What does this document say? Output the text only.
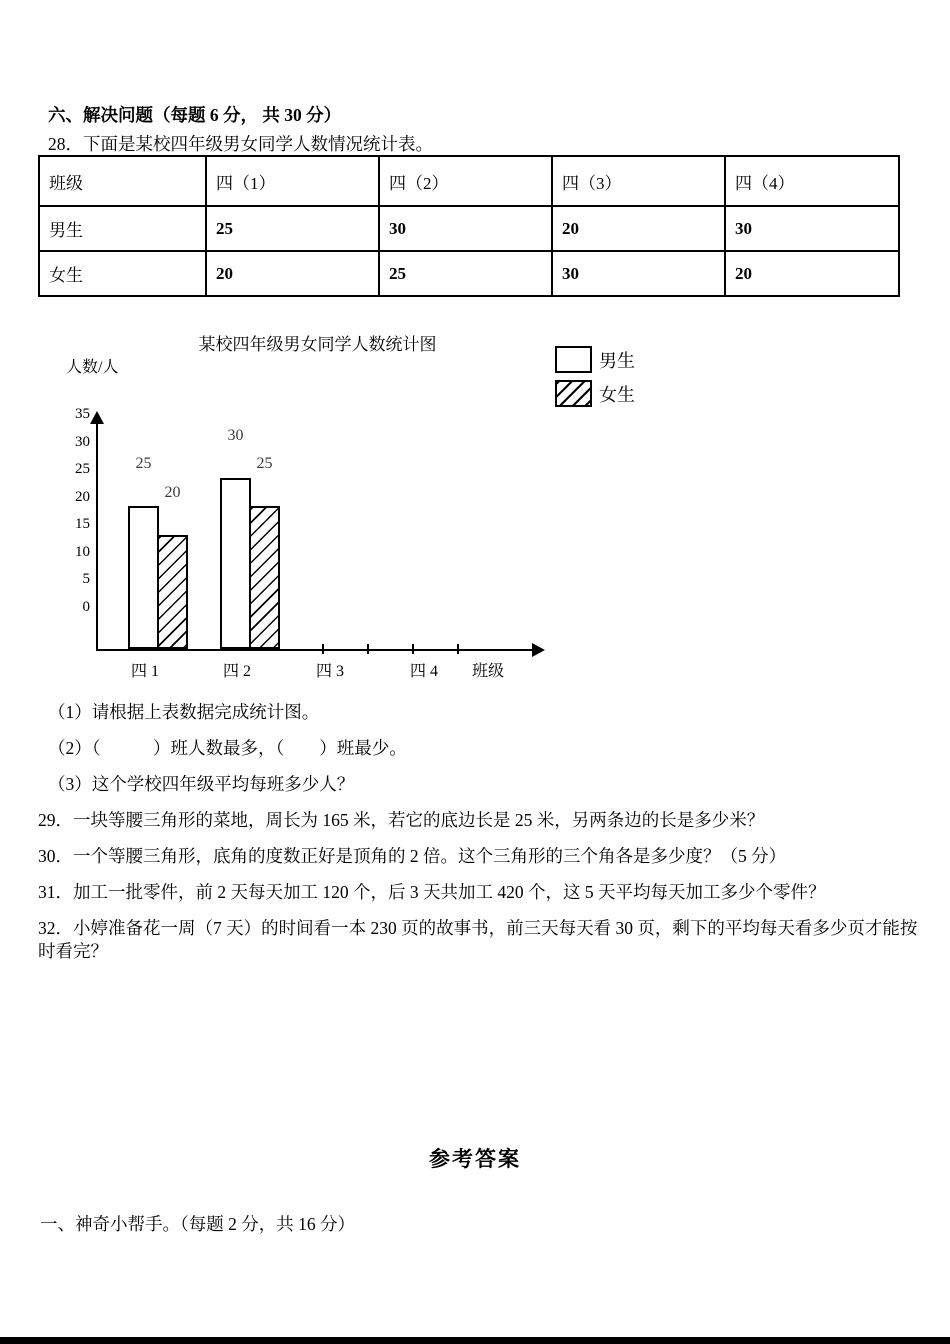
六、解决问题（每题 6 分， 共 30 分）
28．下面是某校四年级男女同学人数情况统计表。
班级	四（1）	四（2）	四（3）	四（4）
男生	25	30	20	30
女生	20	25	30	20
某校四年级男女同学人数统计图
人数/人	男生
女生
35
30
25
20
15
10
5
0
25
30
20
25
班级
四 1	四 2	四 3	四 4
（1）请根据上表数据完成统计图。
（2）（　　　）班人数最多，（　　）班最少。
（3）这个学校四年级平均每班多少人？
29．一块等腰三角形的菜地，周长为 165 米，若它的底边长是 25 米，另两条边的长是多少米？
30．一个等腰三角形，底角的度数正好是顶角的 2 倍。这个三角形的三个角各是多少度？（5 分）
31．加工一批零件，前 2 天每天加工 120 个，后 3 天共加工 420 个，这 5 天平均每天加工多少个零件？
32．小婷准备花一周（7 天）的时间看一本 230 页的故事书，前三天每天看 30 页，剩下的平均每天看多少页才能按时看完？
参考答案
一、神奇小帮手。（每题 2 分，共 16 分）
